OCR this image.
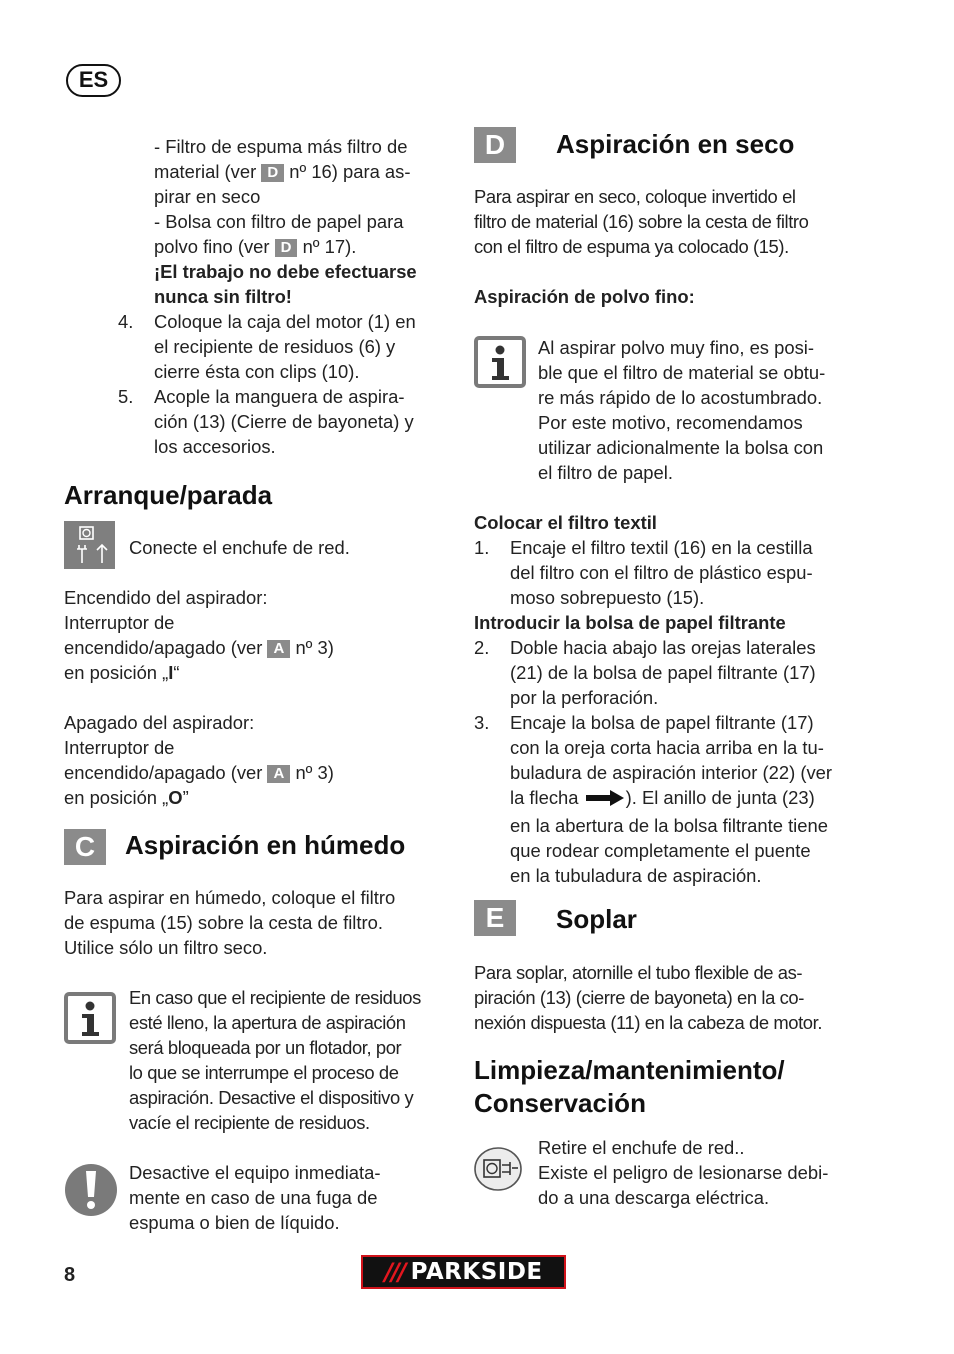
ES
- Filtro de espuma más filtro de
material (ver D nº 16) para as-
pirar en seco
- Bolsa con filtro de papel para
polvo fino (ver D nº 17).
¡El trabajo no debe efectuarse
nunca sin filtro!
4. Coloque la caja del motor (1) en
el recipiente de residuos (6) y
cierre ésta con clips (10).
5. Acople la manguera de aspira-
ción (13) (Cierre de bayoneta) y
los accesorios.
Arranque/parada
Conecte el enchufe de red.
Encendido del aspirador:
Interruptor de
encendido/apagado (ver A nº 3)
en posición „I“
Apagado del aspirador:
Interruptor de
encendido/apagado (ver A nº 3)
en posición „O”
C	Aspiración en húmedo
Para aspirar en húmedo, coloque el filtro
de espuma (15) sobre la cesta de filtro.
Utilice sólo un filtro seco.
En caso que el recipiente de residuos
esté lleno, la apertura de aspiración
será bloqueada por un flotador, por
lo que se interrumpe el proceso de
aspiración. Desactive el dispositivo y
vacíe el recipiente de residuos.
Desactive el equipo inmediata-
mente en caso de una fuga de
espuma o bien de líquido.
D	Aspiración en seco
Para aspirar en seco, coloque invertido el
filtro de material (16) sobre la cesta de filtro
con el filtro de espuma ya colocado (15).
Aspiración de polvo fino:
Al aspirar polvo muy fino, es posi-
ble que el filtro de material se obtu-
re más rápido de lo acostumbrado.
Por este motivo, recomendamos
utilizar adicionalmente la bolsa con
el filtro de papel.
Colocar el filtro textil
1. Encaje el filtro textil (16) en la cestilla
del filtro con el filtro de plástico espu-
moso sobrepuesto (15).
Introducir la bolsa de papel filtrante
2. Doble hacia abajo las orejas laterales
(21) de la bolsa de papel filtrante (17)
por la perforación.
3. Encaje la bolsa de papel filtrante (17)
con la oreja corta hacia arriba en la tu-
buladura de aspiración interior (22) (ver
la flecha ). El anillo de junta (23)
en la abertura de la bolsa filtrante tiene
que rodear completamente el puente
en la tubuladura de aspiración.
E	Soplar
Para soplar, atornille el tubo flexible de as-
piración (13) (cierre de bayoneta) en la co-
nexión dispuesta (11) en la cabeza de motor.
Limpieza/mantenimiento/
Conservación
Retire el enchufe de red..
Existe el peligro de lesionarse debi-
do a una descarga eléctrica.
8	/// PARKSIDE
